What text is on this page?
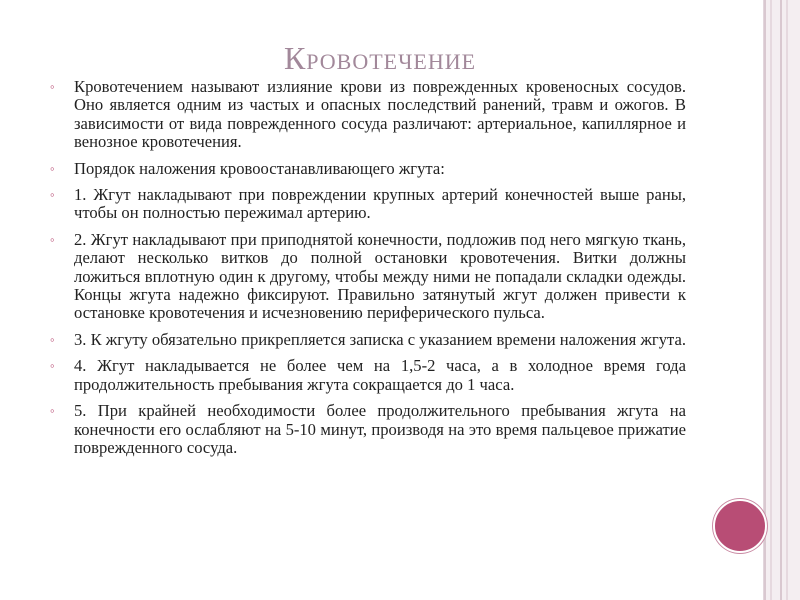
Кровотечение
◦ Кровотечением называют излияние крови из поврежденных кровеносных сосудов. Оно является одним из частых и опасных последствий ранений, травм и ожогов. В зависимости от вида поврежденного сосуда различают: артериальное, капиллярное и венозное кровотечения.
◦ Порядок наложения кровоостанавливающего жгута:
◦ 1. Жгут накладывают при повреждении крупных артерий конечностей выше раны, чтобы он полностью пережимал артерию.
◦ 2. Жгут накладывают при приподнятой конечности, подложив под него мягкую ткань, делают несколько витков до полной остановки кровотечения. Витки должны ложиться вплотную один к другому, чтобы между ними не попадали складки одежды. Концы жгута надежно фиксируют. Правильно затянутый жгут должен привести к остановке кровотечения и исчезновению периферического пульса.
◦ 3. К жгуту обязательно прикрепляется записка с указанием времени наложения жгута.
◦ 4. Жгут накладывается не более чем на 1,5-2 часа, а в холодное время года продолжительность пребывания жгута сокращается до 1 часа.
◦ 5. При крайней необходимости более продолжительного пребывания жгута на конечности его ослабляют на 5-10 минут, производя на это время пальцевое прижатие поврежденного сосуда.
